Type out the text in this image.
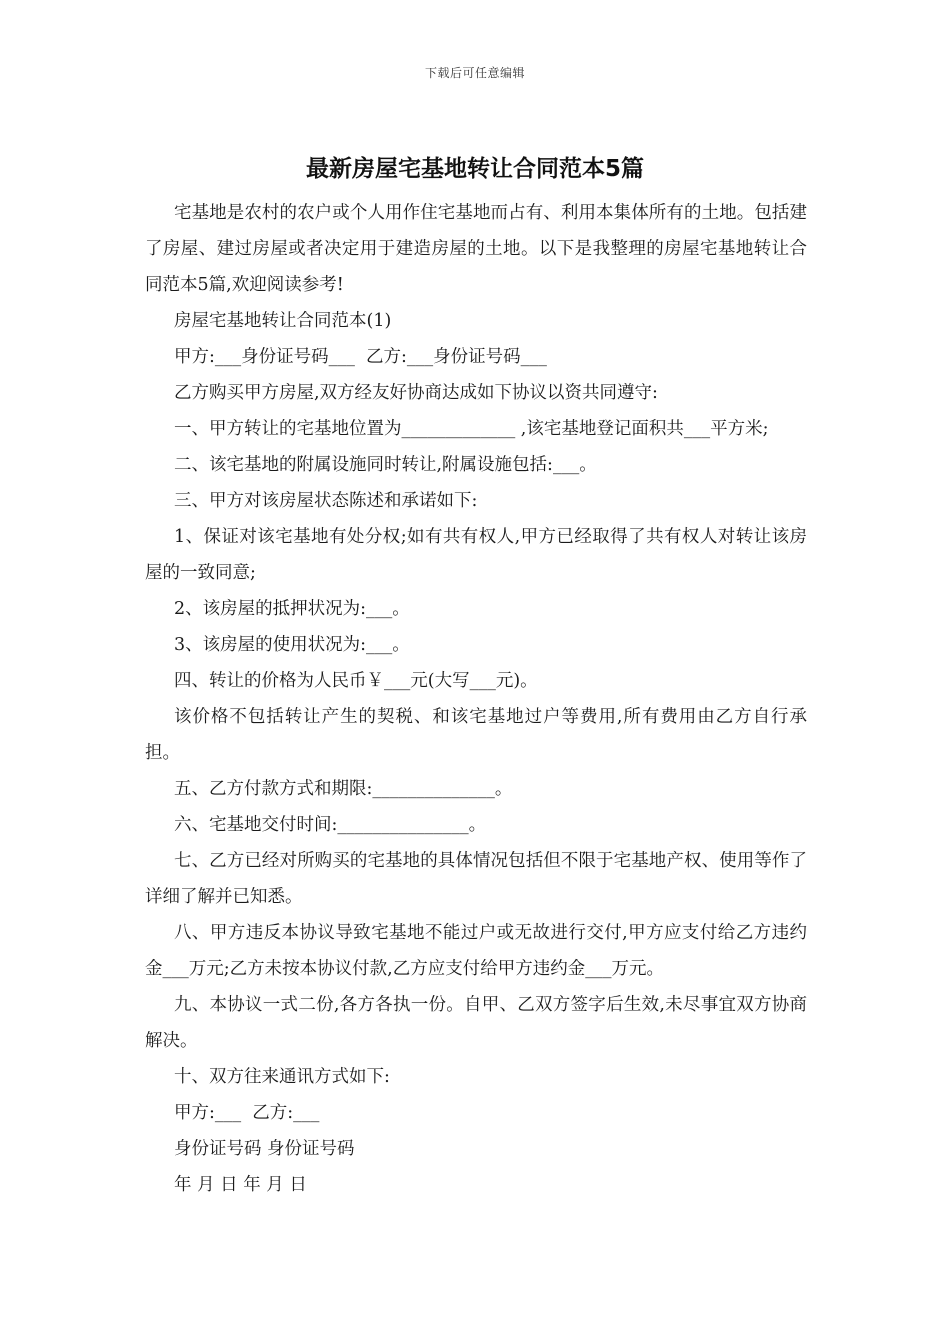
下载后可任意编辑
最新房屋宅基地转让合同范本5篇

宅基地是农村的农户或个人用作住宅基地而占有、利用本集体所有的土地。包括建了房屋、建过房屋或者决定用于建造房屋的土地。以下是我整理的房屋宅基地转让合同范本5篇,欢迎阅读参考!

房屋宅基地转让合同范本(1)

甲方:___身份证号码___  乙方:___身份证号码___

乙方购买甲方房屋,双方经友好协商达成如下协议以资共同遵守:

一、甲方转让的宅基地位置为_____________ ,该宅基地登记面积共___平方米;

二、该宅基地的附属设施同时转让,附属设施包括:___。

三、甲方对该房屋状态陈述和承诺如下:

1、保证对该宅基地有处分权;如有共有权人,甲方已经取得了共有权人对转让该房屋的一致同意;

2、该房屋的抵押状况为:___。

3、该房屋的使用状况为:___。

四、转让的价格为人民币￥___元(大写___元)。

该价格不包括转让产生的契税、和该宅基地过户等费用,所有费用由乙方自行承担。

五、乙方付款方式和期限:______________。

六、宅基地交付时间:_______________。

七、乙方已经对所购买的宅基地的具体情况包括但不限于宅基地产权、使用等作了详细了解并已知悉。

八、甲方违反本协议导致宅基地不能过户或无故进行交付,甲方应支付给乙方违约金___万元;乙方未按本协议付款,乙方应支付给甲方违约金___万元。

九、本协议一式二份,各方各执一份。自甲、乙双方签字后生效,未尽事宜双方协商解决。

十、双方往来通讯方式如下:

甲方:___  乙方:___

身份证号码 身份证号码

年 月 日 年 月 日
